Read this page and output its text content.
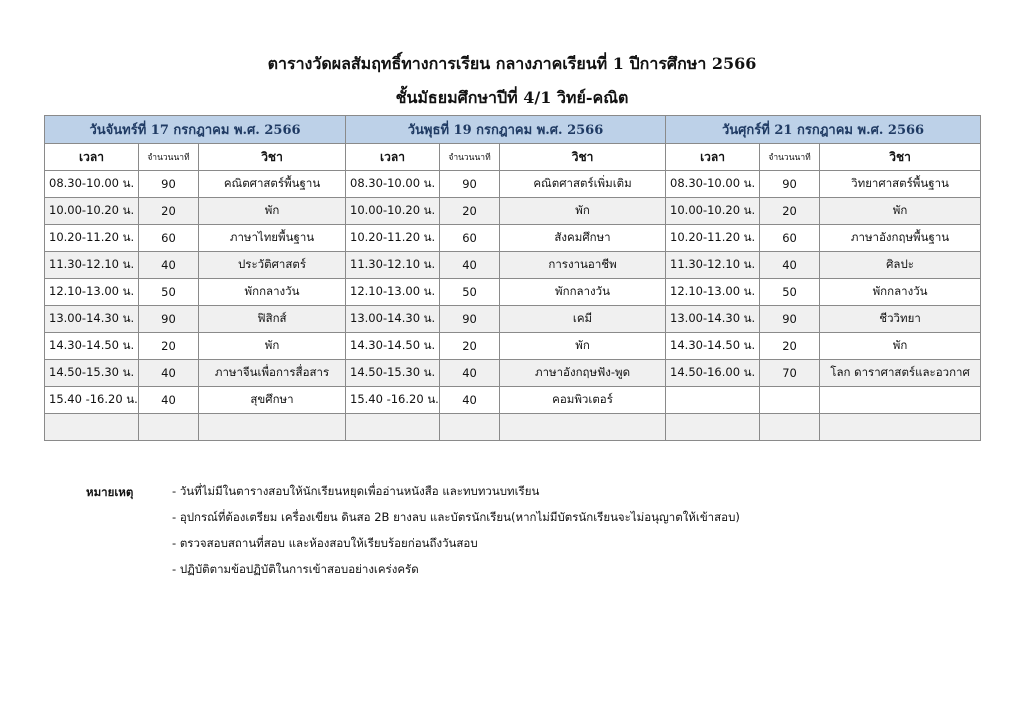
ตารางวัดผลสัมฤทธิ์ทางการเรียน กลางภาคเรียนที่ 1 ปีการศึกษา 2566
ชั้นมัธยมศึกษาปีที่ 4/1 วิทย์-คณิต
วันจันทร์ที่ 17 กรกฎาคม พ.ศ. 2566			วันพุธที่ 19 กรกฎาคม พ.ศ. 2566			วันศุกร์ที่ 21 กรกฎาคม พ.ศ. 2566		
เวลา	จำนวนนาที	วิชา	เวลา	จำนวนนาที	วิชา	เวลา	จำนวนนาที	วิชา
08.30-10.00 น.	90	คณิตศาสตร์พื้นฐาน	08.30-10.00 น.	90	คณิตศาสตร์เพิ่มเติม	08.30-10.00 น.	90	วิทยาศาสตร์พื้นฐาน
10.00-10.20 น.	20	พัก	10.00-10.20 น.	20	พัก	10.00-10.20 น.	20	พัก
10.20-11.20 น.	60	ภาษาไทยพื้นฐาน	10.20-11.20 น.	60	สังคมศึกษา	10.20-11.20 น.	60	ภาษาอังกฤษพื้นฐาน
11.30-12.10 น.	40	ประวัติศาสตร์	11.30-12.10 น.	40	การงานอาชีพ	11.30-12.10 น.	40	ศิลปะ
12.10-13.00 น.	50	พักกลางวัน	12.10-13.00 น.	50	พักกลางวัน	12.10-13.00 น.	50	พักกลางวัน
13.00-14.30 น.	90	ฟิสิกส์	13.00-14.30 น.	90	เคมี	13.00-14.30 น.	90	ชีววิทยา
14.30-14.50 น.	20	พัก	14.30-14.50 น.	20	พัก	14.30-14.50 น.	20	พัก
14.50-15.30 น.	40	ภาษาจีนเพื่อการสื่อสาร	14.50-15.30 น.	40	ภาษาอังกฤษฟัง-พูด	14.50-16.00 น.	70	โลก ดาราศาสตร์และอวกาศ
15.40 -16.20 น.	40	สุขศึกษา	15.40 -16.20 น.	40	คอมพิวเตอร์			

หมายเหตุ	- วันที่ไม่มีในตารางสอบให้นักเรียนหยุดเพื่ออ่านหนังสือ และทบทวนบทเรียน
- อุปกรณ์ที่ต้องเตรียม เครื่องเขียน ดินสอ 2B ยางลบ และบัตรนักเรียน(หากไม่มีบัตรนักเรียนจะไม่อนุญาตให้เข้าสอบ)
- ตรวจสอบสถานที่สอบ และห้องสอบให้เรียบร้อยก่อนถึงวันสอบ
- ปฏิบัติตามข้อปฏิบัติในการเข้าสอบอย่างเคร่งครัด
